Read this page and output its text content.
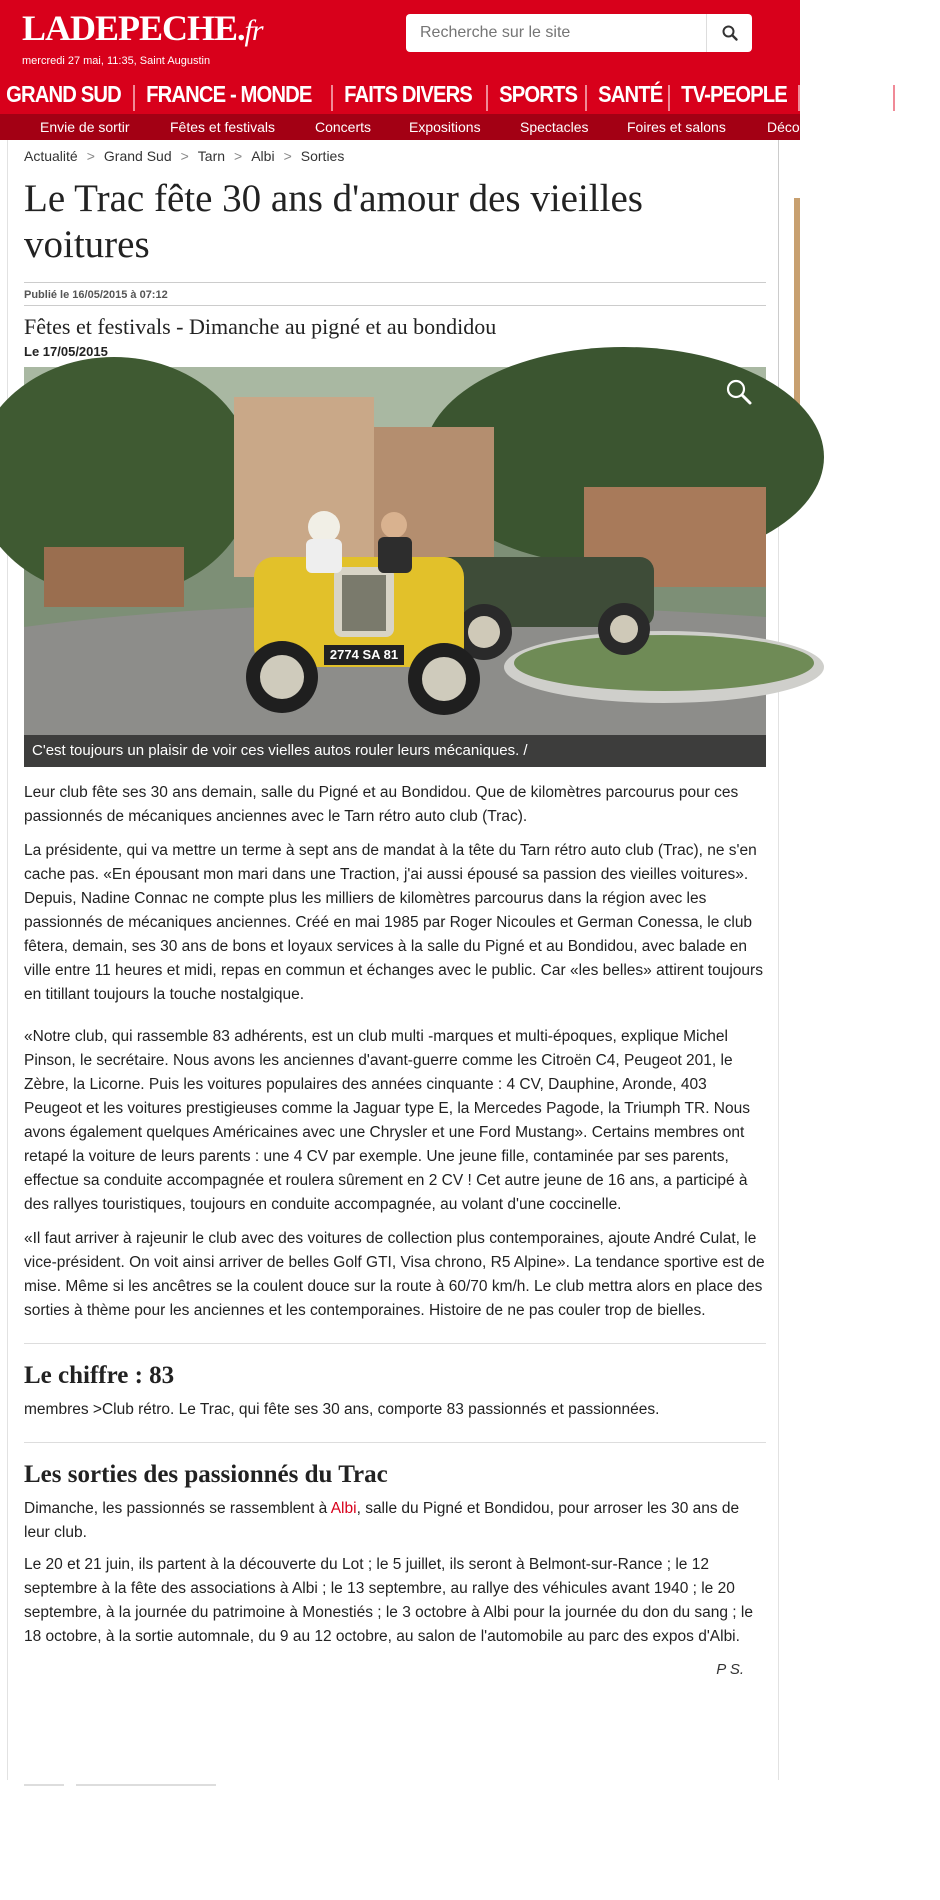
LADEPECHE.fr
mercredi 27 mai, 11:35, Saint Augustin
Recherche sur le site
GRAND SUD FRANCE - MONDE FAITS DIVERS SPORTS SANTÉ TV-PEOPLE LOISIRS AN
Envie de sortir	Fêtes et festivals	Concerts	Expositions	Spectacles	Foires et salons	Déco
Actualité > Grand Sud > Tarn > Albi > Sorties
Le Trac fête 30 ans d'amour des vieilles voitures
Publié le 16/05/2015 à 07:12
Fêtes et festivals - Dimanche au pigné et au bondidou
Le 17/05/2015
2774 SA 81
C'est toujours un plaisir de voir ces vielles autos rouler leurs mécaniques. /

Leur club fête ses 30 ans demain, salle du Pigné et au Bondidou. Que de kilomètres parcourus pour ces passionnés de mécaniques anciennes avec le Tarn rétro auto club (Trac).

La présidente, qui va mettre un terme à sept ans de mandat à la tête du Tarn rétro auto club (Trac), ne s'en cache pas. «En épousant mon mari dans une Traction, j'ai aussi épousé sa passion des vieilles voitures». Depuis, Nadine Connac ne compte plus les milliers de kilomètres parcourus dans la région avec les passionnés de mécaniques anciennes. Créé en mai 1985 par Roger Nicoules et German Conessa, le club fêtera, demain, ses 30 ans de bons et loyaux services à la salle du Pigné et au Bondidou, avec balade en ville entre 11 heures et midi, repas en commun et échanges avec le public. Car «les belles» attirent toujours en titillant toujours la touche nostalgique.

«Notre club, qui rassemble 83 adhérents, est un club multi -marques et multi-époques, explique Michel Pinson, le secrétaire. Nous avons les anciennes d'avant-guerre comme les Citroën C4, Peugeot 201, le Zèbre, la Licorne. Puis les voitures populaires des années cinquante : 4 CV, Dauphine, Aronde, 403 Peugeot et les voitures prestigieuses comme la Jaguar type E, la Mercedes Pagode, la Triumph TR. Nous avons également quelques Américaines avec une Chrysler et une Ford Mustang». Certains membres ont retapé la voiture de leurs parents : une 4 CV par exemple. Une jeune fille, contaminée par ses parents, effectue sa conduite accompagnée et roulera sûrement en 2 CV ! Cet autre jeune de 16 ans, a participé à des rallyes touristiques, toujours en conduite accompagnée, au volant d'une coccinelle.

«Il faut arriver à rajeunir le club avec des voitures de collection plus contemporaines, ajoute André Culat, le vice-président. On voit ainsi arriver de belles Golf GTI, Visa chrono, R5 Alpine». La tendance sportive est de mise. Même si les ancêtres se la coulent douce sur la route à 60/70 km/h. Le club mettra alors en place des sorties à thème pour les anciennes et les contemporaines. Histoire de ne pas couler trop de bielles.

Le chiffre : 83

membres >Club rétro. Le Trac, qui fête ses 30 ans, comporte 83 passionnés et passionnées.

Les sorties des passionnés du Trac

Dimanche, les passionnés se rassemblent à Albi, salle du Pigné et Bondidou, pour arroser les 30 ans de leur club.

Le 20 et 21 juin, ils partent à la découverte du Lot ; le 5 juillet, ils seront à Belmont-sur-Rance ; le 12 septembre à la fête des associations à Albi ; le 13 septembre, au rallye des véhicules avant 1940 ; le 20 septembre, à la journée du patrimoine à Monestiés ; le 3 octobre à Albi pour la journée du don du sang ; le 18 octobre, à la sortie automnale, du 9 au 12 octobre, au salon de l'automobile au parc des expos d'Albi.

P S.
